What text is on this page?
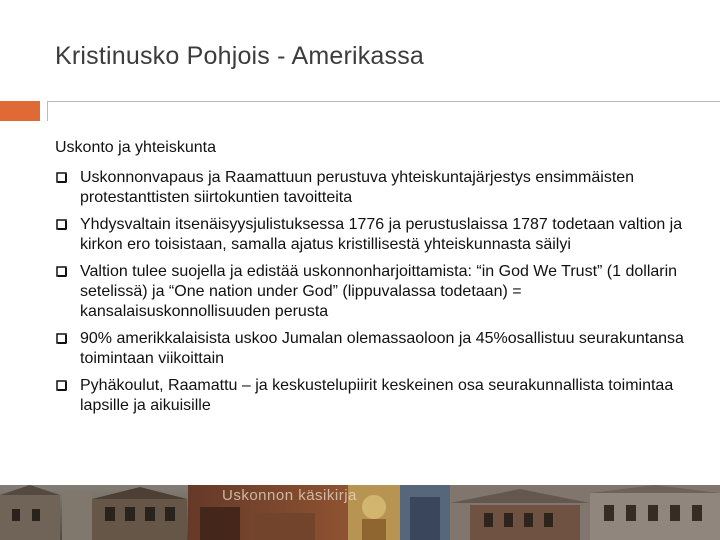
Kristinusko Pohjois - Amerikassa
Uskonto ja yhteiskunta
Uskonnonvapaus ja Raamattuun perustuva yhteiskuntajärjestys ensimmäisten protestanttisten siirtokuntien tavoitteita
Yhdysvaltain itsenäisyysjulistuksessa 1776 ja perustuslaissa 1787 todetaan valtion ja kirkon ero toisistaan, samalla ajatus kristillisestä yhteiskunnasta säilyi
Valtion tulee suojella ja edistää uskonnonharjoittamista: “in God We Trust” (1 dollarin setelissä) ja “One nation under God” (lippuvalassa todetaan) = kansalaisuskonnollisuuden perusta
90% amerikkalaisista uskoo Jumalan olemassaoloon ja 45%osallistuu seurakuntansa toimintaan viikoittain
Pyhäkoulut, Raamattu – ja keskustelupiirit keskeinen osa seurakunnallista toimintaa lapsille ja aikuisille
Uskonnon käsikirja
